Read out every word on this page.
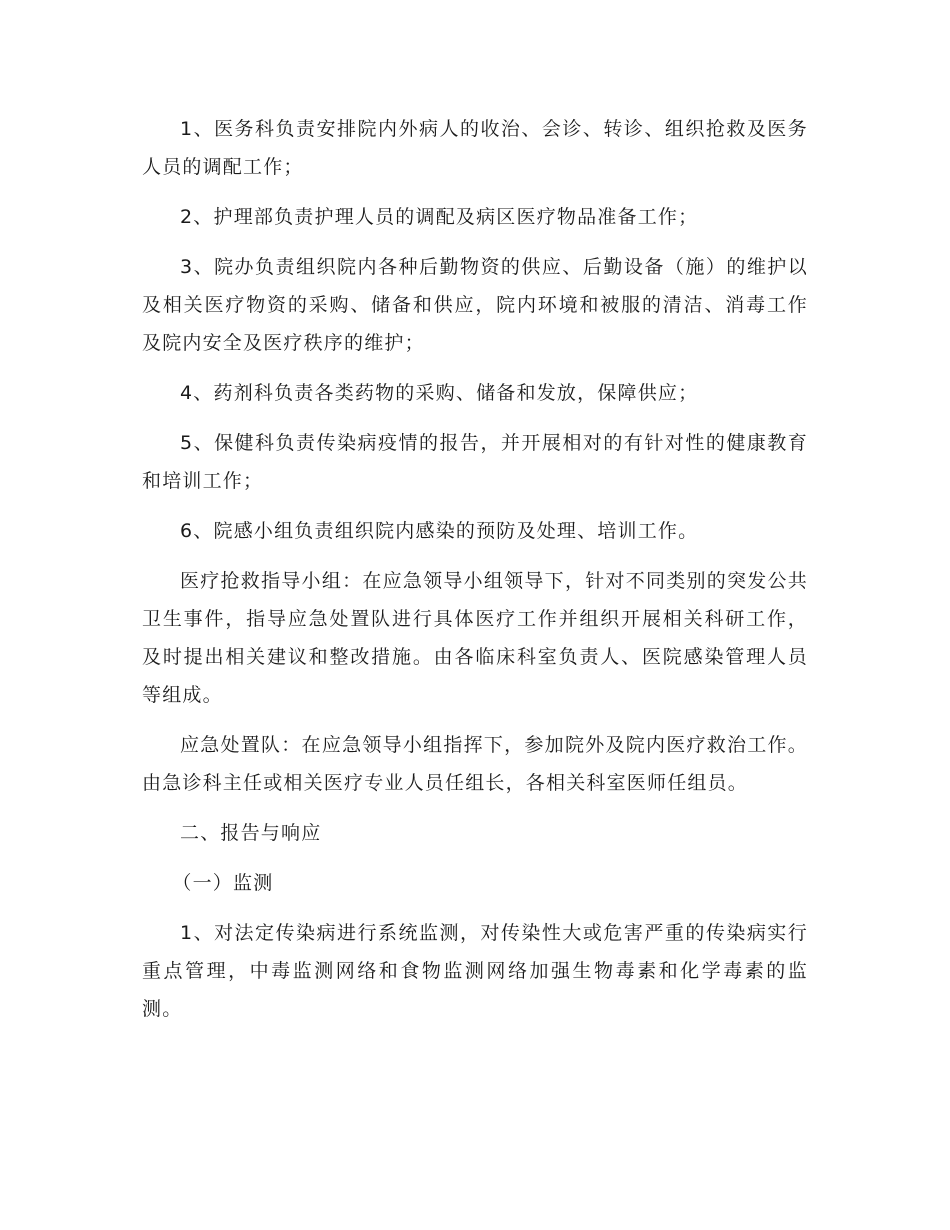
1、医务科负责安排院内外病人的收治、会诊、转诊、组织抢救及医务人员的调配工作；

2、护理部负责护理人员的调配及病区医疗物品准备工作；

3、院办负责组织院内各种后勤物资的供应、后勤设备（施）的维护以及相关医疗物资的采购、储备和供应，院内环境和被服的清洁、消毒工作及院内安全及医疗秩序的维护；

4、药剂科负责各类药物的采购、储备和发放，保障供应；

5、保健科负责传染病疫情的报告，并开展相对的有针对性的健康教育和培训工作；

6、院感小组负责组织院内感染的预防及处理、培训工作。

医疗抢救指导小组：在应急领导小组领导下，针对不同类别的突发公共卫生事件，指导应急处置队进行具体医疗工作并组织开展相关科研工作，及时提出相关建议和整改措施。由各临床科室负责人、医院感染管理人员等组成。

应急处置队：在应急领导小组指挥下，参加院外及院内医疗救治工作。由急诊科主任或相关医疗专业人员任组长，各相关科室医师任组员。

二、报告与响应

（一）监测

1、对法定传染病进行系统监测，对传染性大或危害严重的传染病实行重点管理，中毒监测网络和食物监测网络加强生物毒素和化学毒素的监测。
